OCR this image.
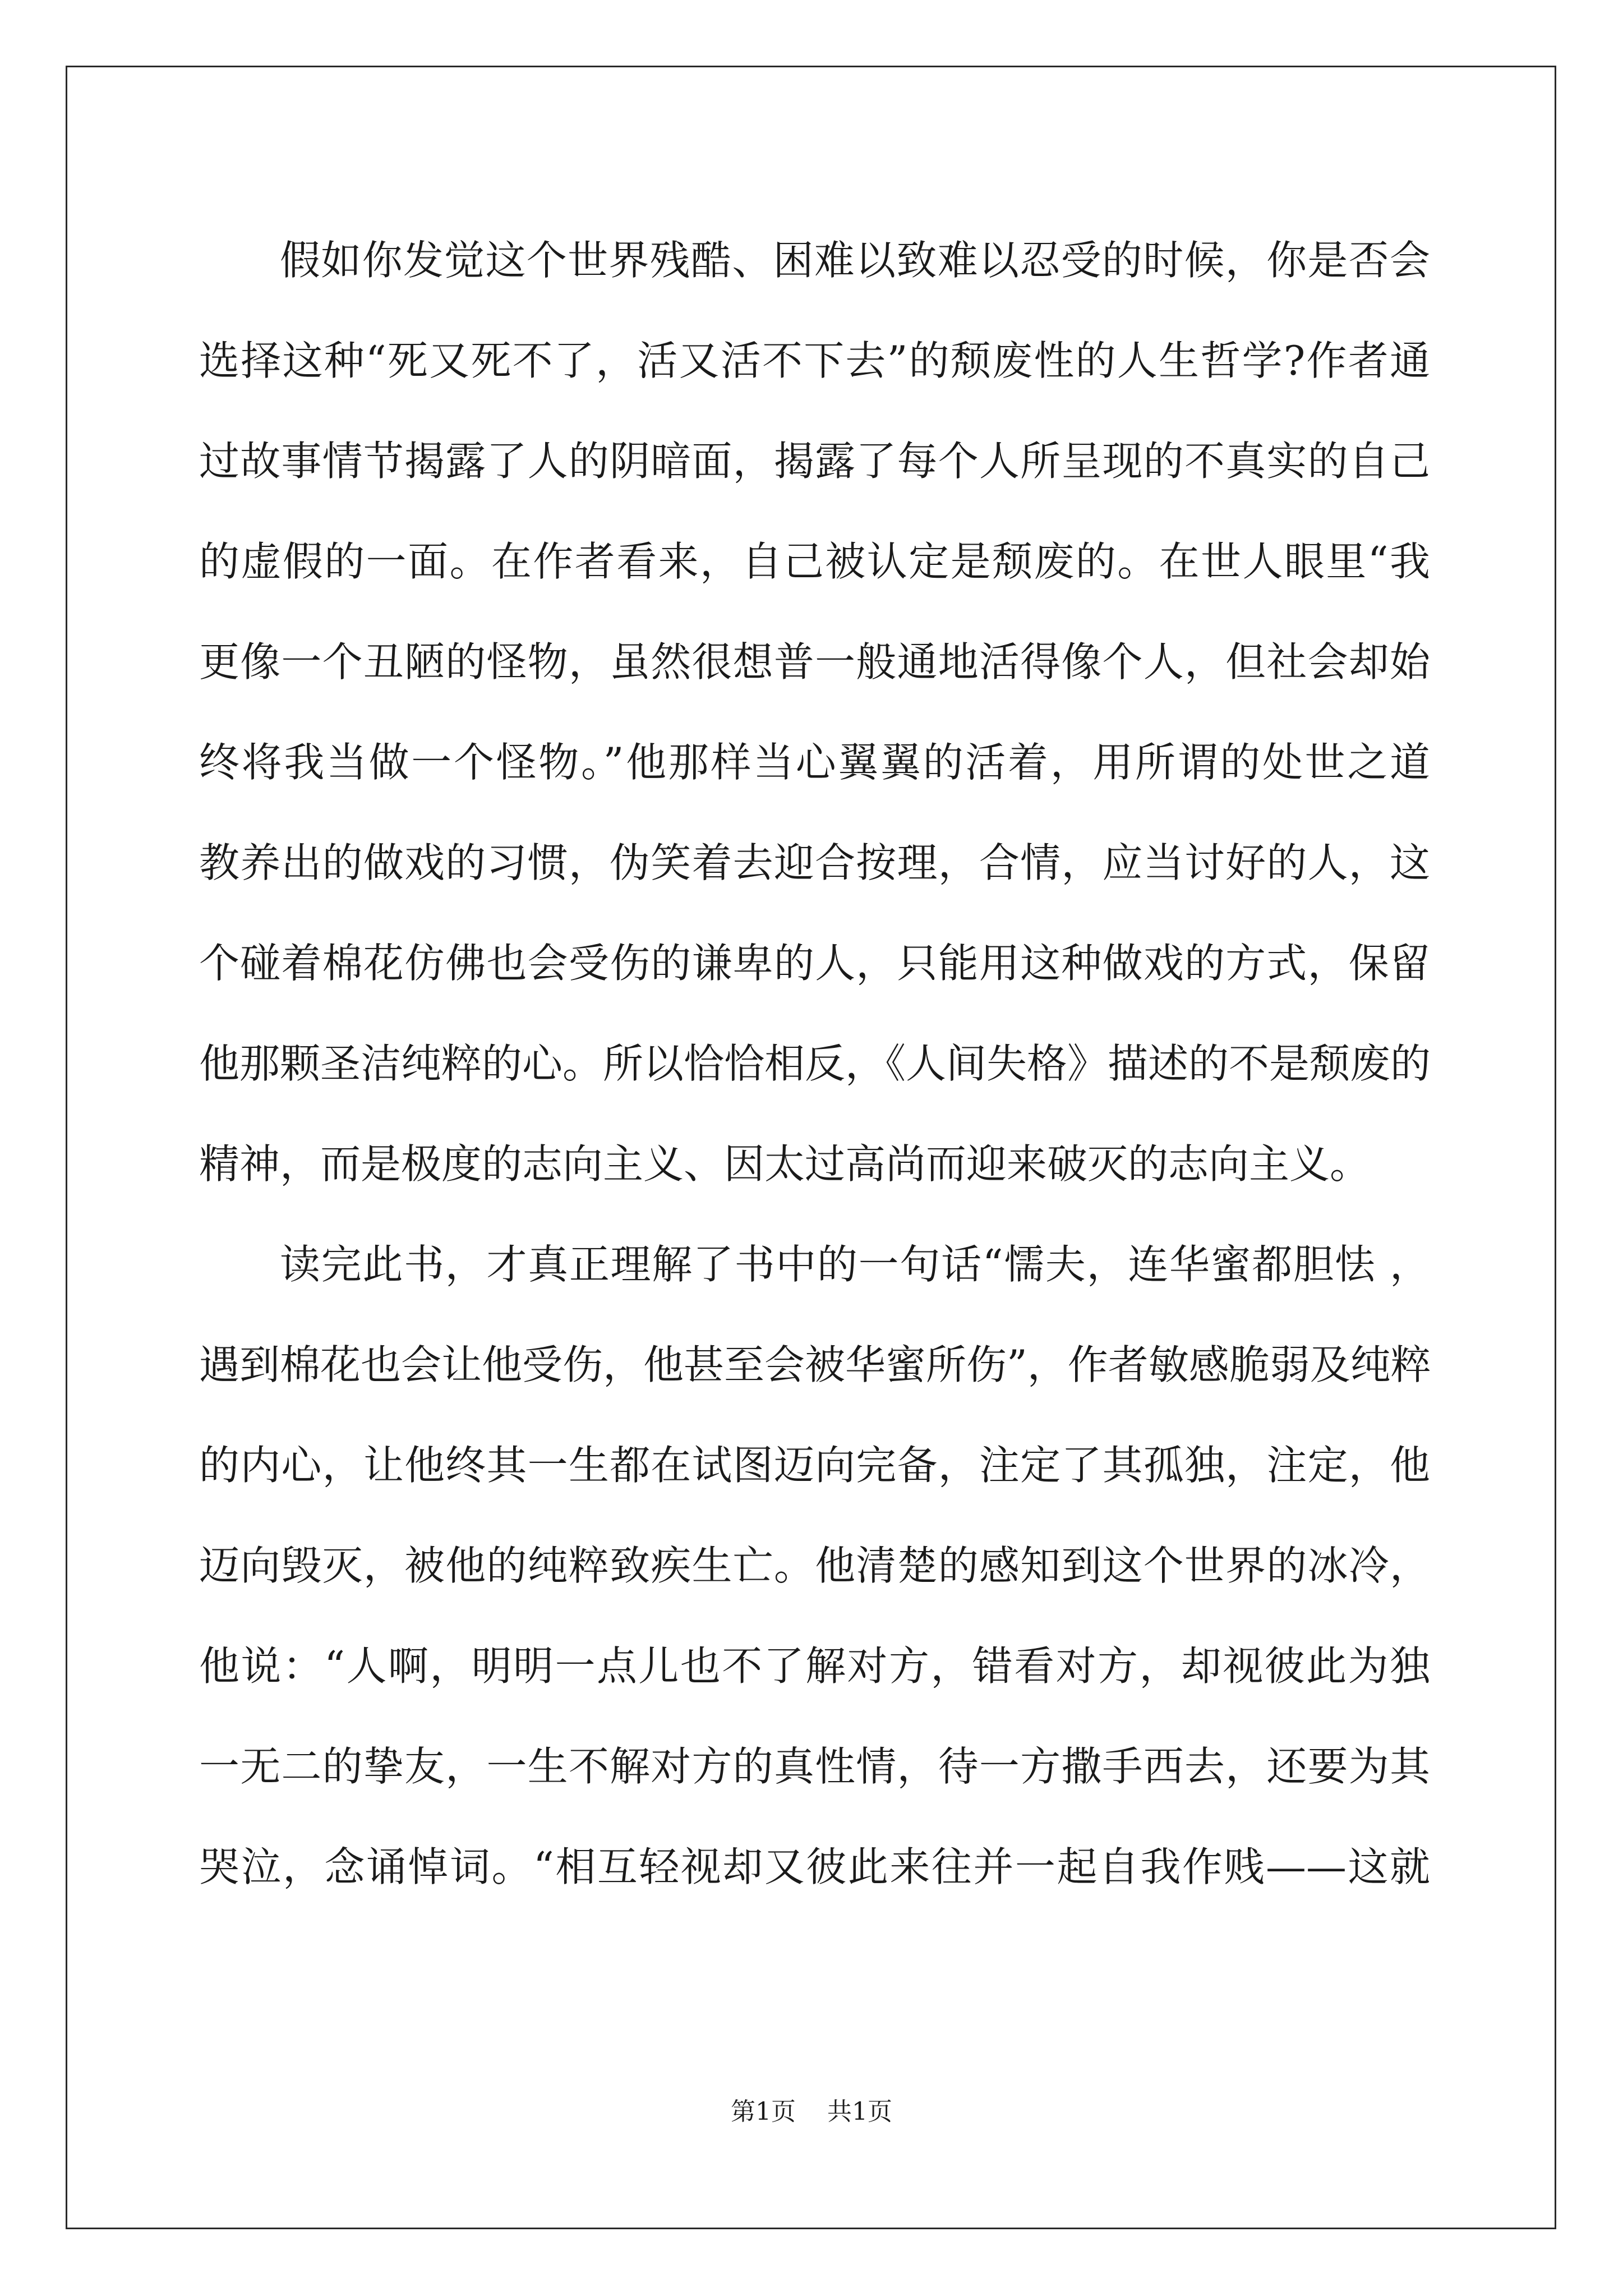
假如你发觉这个世界残酷、困难以致难以忍受的时候，你是否会
选择这种“死又死不了，活又活不下去”的颓废性的人生哲学?作者通
过故事情节揭露了人的阴暗面，揭露了每个人所呈现的不真实的自己
的虚假的一面。在作者看来，自己被认定是颓废的。在世人眼里“我
更像一个丑陋的怪物，虽然很想普一般通地活得像个人，但社会却始
终将我当做一个怪物。”他那样当心翼翼的活着，用所谓的处世之道
教养出的做戏的习惯，伪笑着去迎合按理，合情，应当讨好的人，这
个碰着棉花仿佛也会受伤的谦卑的人，只能用这种做戏的方式，保留
他那颗圣洁纯粹的心。所以恰恰相反，《人间失格》描述的不是颓废的
精神，而是极度的志向主义、因太过高尚而迎来破灭的志向主义。
读完此书，才真正理解了书中的一句话“懦夫，连华蜜都胆怯 ，
遇到棉花也会让他受伤，他甚至会被华蜜所伤”，作者敏感脆弱及纯粹
的内心，让他终其一生都在试图迈向完备，注定了其孤独，注定，他
迈向毁灭，被他的纯粹致疾生亡。他清楚的感知到这个世界的冰冷，
他说：“人啊，明明一点儿也不了解对方，错看对方，却视彼此为独
一无二的挚友，一生不解对方的真性情，待一方撒手西去，还要为其
哭泣，念诵悼词。“相互轻视却又彼此来往并一起自我作贱——这就
第1页 共1页
